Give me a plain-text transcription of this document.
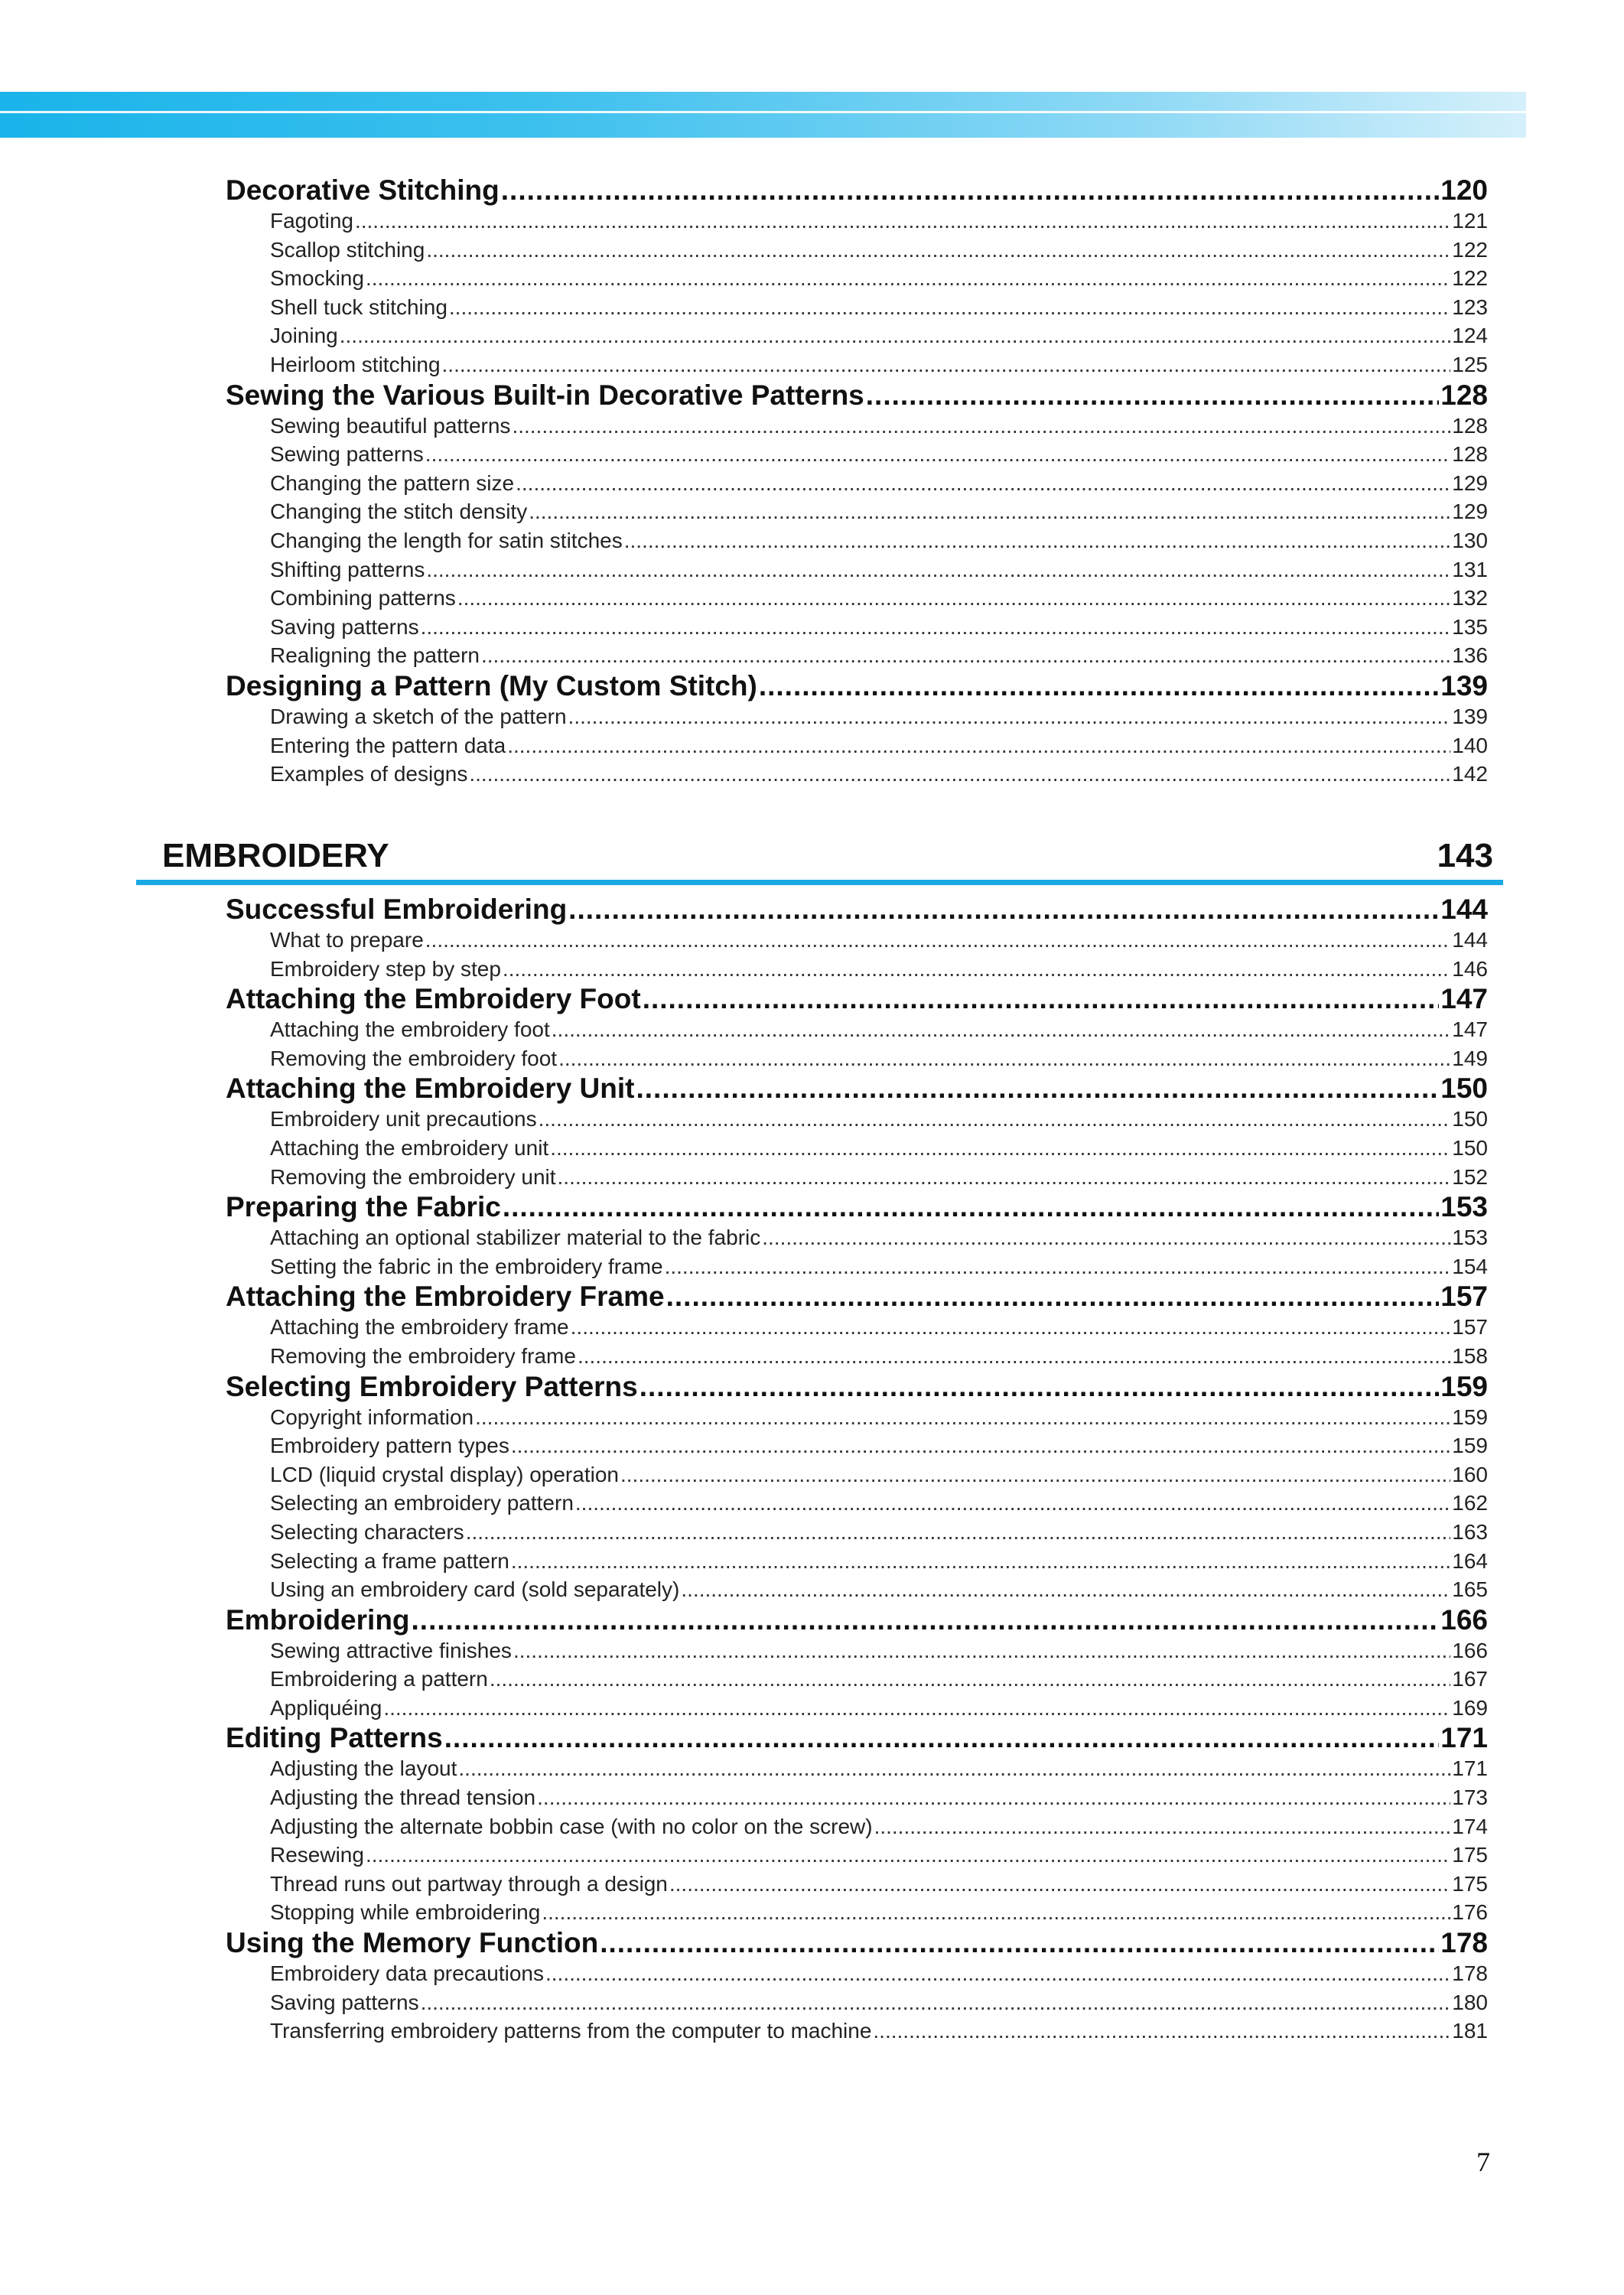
Decorative Stitching .....	120
Fagoting .....	121
Scallop stitching .....	122
Smocking .....	122
Shell tuck stitching .....	123
Joining .....	124
Heirloom stitching .....	125
Sewing the Various Built-in Decorative Patterns .....	128
Sewing beautiful patterns .....	128
Sewing patterns .....	128
Changing the pattern size .....	129
Changing the stitch density .....	129
Changing the length for satin stitches .....	130
Shifting patterns .....	131
Combining patterns .....	132
Saving patterns .....	135
Realigning the pattern .....	136
Designing a Pattern (My Custom Stitch) .....	139
Drawing a sketch of the pattern .....	139
Entering the pattern data .....	140
Examples of designs .....	142
EMBROIDERY	143
Successful Embroidering .....	144
What to prepare .....	144
Embroidery step by step .....	146
Attaching the Embroidery Foot .....	147
Attaching the embroidery foot .....	147
Removing the embroidery foot .....	149
Attaching the Embroidery Unit .....	150
Embroidery unit precautions .....	150
Attaching the embroidery unit .....	150
Removing the embroidery unit .....	152
Preparing the Fabric .....	153
Attaching an optional stabilizer material to the fabric .....	153
Setting the fabric in the embroidery frame .....	154
Attaching the Embroidery Frame .....	157
Attaching the embroidery frame .....	157
Removing the embroidery frame .....	158
Selecting Embroidery Patterns .....	159
Copyright information .....	159
Embroidery pattern types .....	159
LCD (liquid crystal display) operation .....	160
Selecting an embroidery pattern .....	162
Selecting characters .....	163
Selecting a frame pattern .....	164
Using an embroidery card (sold separately) .....	165
Embroidering .....	166
Sewing attractive finishes .....	166
Embroidering a pattern .....	167
Appliquéing .....	169
Editing Patterns .....	171
Adjusting the layout .....	171
Adjusting the thread tension .....	173
Adjusting the alternate bobbin case (with no color on the screw) .....	174
Resewing .....	175
Thread runs out partway through a design .....	175
Stopping while embroidering .....	176
Using the Memory Function .....	178
Embroidery data precautions .....	178
Saving patterns .....	180
Transferring embroidery patterns from the computer to machine .....	181
7
